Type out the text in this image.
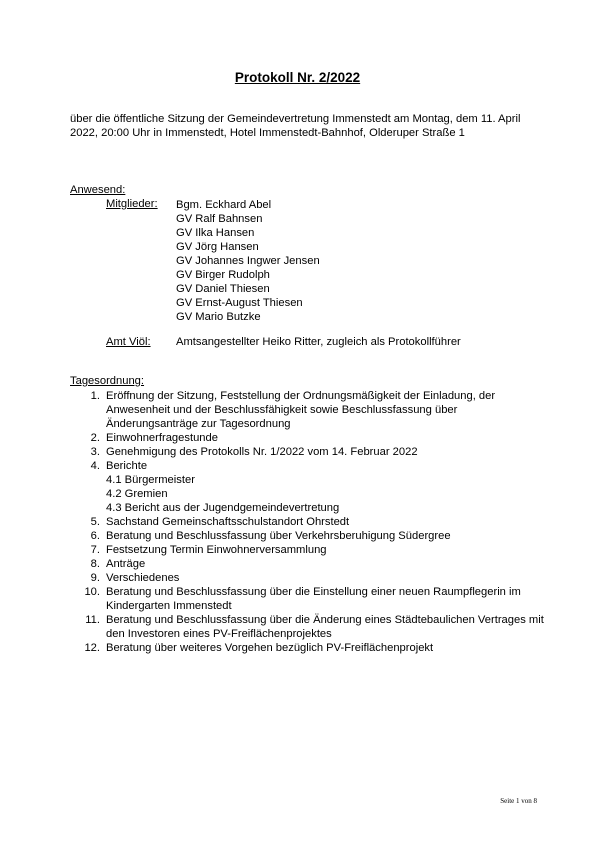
Protokoll Nr. 2/2022

über die öffentliche Sitzung der Gemeindevertretung Immenstedt am Montag, dem 11. April 2022, 20:00 Uhr in Immenstedt, Hotel Immenstedt-Bahnhof, Olderuper Straße 1

Anwesend:
Mitglieder: Bgm. Eckhard Abel
GV Ralf Bahnsen
GV Ilka Hansen
GV Jörg Hansen
GV Johannes Ingwer Jensen
GV Birger Rudolph
GV Daniel Thiesen
GV Ernst-August Thiesen
GV Mario Butzke
Amt Viöl: Amtsangestellter Heiko Ritter, zugleich als Protokollführer
Tagesordnung:
1. Eröffnung der Sitzung, Feststellung der Ordnungsmäßigkeit der Einladung, der Anwesenheit und der Beschlussfähigkeit sowie Beschlussfassung über Änderungsanträge zur Tagesordnung
2. Einwohnerfragestunde
3. Genehmigung des Protokolls Nr. 1/2022 vom 14. Februar 2022
4. Berichte
4.1 Bürgermeister
4.2 Gremien
4.3 Bericht aus der Jugendgemeindevertretung
5. Sachstand Gemeinschaftsschulstandort Ohrstedt
6. Beratung und Beschlussfassung über Verkehrsberuhigung Südergree
7. Festsetzung Termin Einwohnerversammlung
8. Anträge
9. Verschiedenes
10. Beratung und Beschlussfassung über die Einstellung einer neuen Raumpflegerin im Kindergarten Immenstedt
11. Beratung und Beschlussfassung über die Änderung eines Städtebaulichen Vertrages mit den Investoren eines PV-Freiflächenprojektes
12. Beratung über weiteres Vorgehen bezüglich PV-Freiflächenprojekt
Seite 1 von 8
